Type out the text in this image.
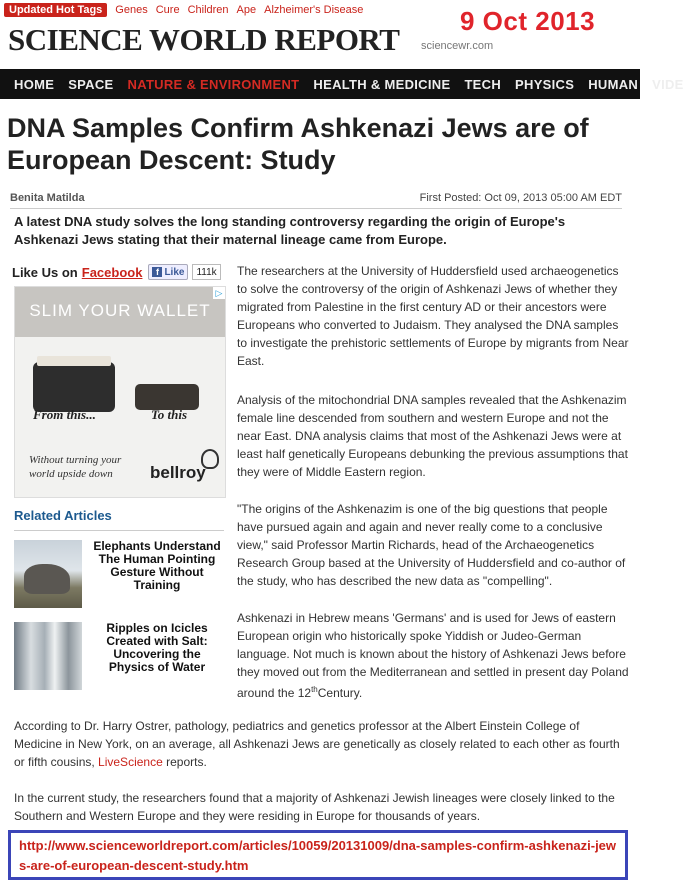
Updated Hot Tags	Genes Cure Children Ape Alzheimer's Disease	9 Oct 2013
SCIENCE WORLD REPORT sciencewr.com
HOME SPACE NATURE & ENVIRONMENT HEALTH & MEDICINE TECH PHYSICS HUMAN VIDE
DNA Samples Confirm Ashkenazi Jews are of European Descent: Study
Benita Matilda	First Posted: Oct 09, 2013 05:00 AM EDT
A latest DNA study solves the long standing controversy regarding the origin of Europe's Ashkenazi Jews stating that their maternal lineage came from Europe.
Like Us on Facebook	f Like	111k
SLIM YOUR WALLET
▷
From this...	To this
Without turning your world upside down	bellroy
Related Articles
Elephants Understand The Human Pointing Gesture Without Training
Ripples on Icicles Created with Salt: Uncovering the Physics of Water
The researchers at the University of Huddersfield used archaeogenetics to solve the controversy of the origin of Ashkenazi Jews of whether they migrated from Palestine in the first century AD or their ancestors were Europeans who converted to Judaism. They analysed the DNA samples to investigate the prehistoric settlements of Europe by migrants from Near East.
Analysis of the mitochondrial DNA samples revealed that the Ashkenazim female line descended from southern and western Europe and not the near East. DNA analysis claims that most of the Ashkenazi Jews were at least half genetically Europeans debunking the previous assumptions that they were of Middle Eastern region.
"The origins of the Ashkenazim is one of the big questions that people have pursued again and again and never really come to a conclusive view," said Professor Martin Richards, head of the Archaeogenetics Research Group based at the University of Huddersfield and co-author of the study, who has described the new data as "compelling".
Ashkenazi in Hebrew means 'Germans' and is used for Jews of eastern European origin who historically spoke Yiddish or Judeo-German language. Not much is known about the history of Ashkenazi Jews before they moved out from the Mediterranean and settled in present day Poland around the 12thCentury.
According to Dr. Harry Ostrer, pathology, pediatrics and genetics professor at the Albert Einstein College of Medicine in New York, on an average, all Ashkenazi Jews are genetically as closely related to each other as fourth or fifth cousins, LiveScience reports.
In the current study, the researchers found that a majority of Ashkenazi Jewish lineages were closely linked to the Southern and Western Europe and they were residing in Europe for thousands of years.
http://www.scienceworldreport.com/articles/10059/20131009/dna-samples-confirm-ashkenazi-jews-are-of-european-descent-study.htm
